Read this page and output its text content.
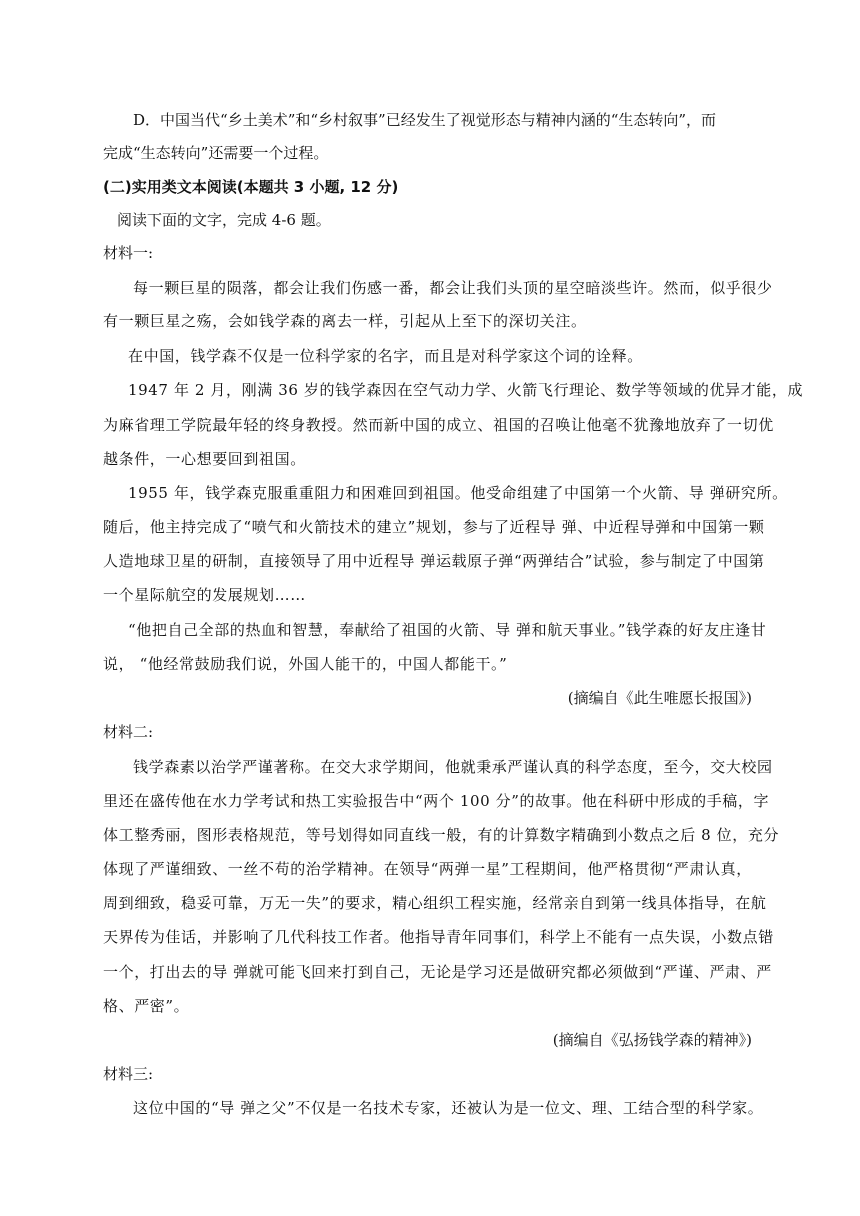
D．中国当代“乡土美术”和“乡村叙事”已经发生了视觉形态与精神内涵的“生态转向”，而
完成“生态转向”还需要一个过程。
(二)实用类文本阅读(本题共 3 小题, 12 分)
阅读下面的文字，完成 4-6 题。
材料一:
每一颗巨星的陨落，都会让我们伤感一番，都会让我们头顶的星空暗淡些许。然而，似乎很少
有一颗巨星之殇，会如钱学森的离去一样，引起从上至下的深切关注。
在中国，钱学森不仅是一位科学家的名字，而且是对科学家这个词的诠释。
1947 年 2 月，刚满 36 岁的钱学森因在空气动力学、火箭飞行理论、数学等领域的优异才能，成
为麻省理工学院最年轻的终身教授。然而新中国的成立、祖国的召唤让他毫不犹豫地放弃了一切优
越条件，一心想要回到祖国。
1955 年，钱学森克服重重阻力和困难回到祖国。他受命组建了中国第一个火箭、导 弹研究所。
随后，他主持完成了“喷气和火箭技术的建立”规划，参与了近程导 弹、中近程导弹和中国第一颗
人造地球卫星的研制，直接领导了用中近程导 弹运载原子弹“两弹结合”试验，参与制定了中国第
一个星际航空的发展规划……
“他把自己全部的热血和智慧，奉献给了祖国的火箭、导 弹和航天事业。”钱学森的好友庄逢甘
说， “他经常鼓励我们说，外国人能干的，中国人都能干。”
(摘编自《此生唯愿长报国》)
材料二:
钱学森素以治学严谨著称。在交大求学期间，他就秉承严谨认真的科学态度，至今，交大校园
里还在盛传他在水力学考试和热工实验报告中“两个 100 分”的故事。他在科研中形成的手稿，字
体工整秀丽，图形表格规范，等号划得如同直线一般，有的计算数字精确到小数点之后 8 位，充分
体现了严谨细致、一丝不苟的治学精神。在领导“两弹一星”工程期间，他严格贯彻“严肃认真，
周到细致，稳妥可靠，万无一失”的要求，精心组织工程实施，经常亲自到第一线具体指导，在航
天界传为佳话，并影响了几代科技工作者。他指导青年同事们，科学上不能有一点失误，小数点错
一个，打出去的导 弹就可能飞回来打到自己，无论是学习还是做研究都必须做到“严谨、严肃、严
格、严密”。
(摘编自《弘扬钱学森的精神》)
材料三:
这位中国的“导 弹之父”不仅是一名技术专家，还被认为是一位文、理、工结合型的科学家。
